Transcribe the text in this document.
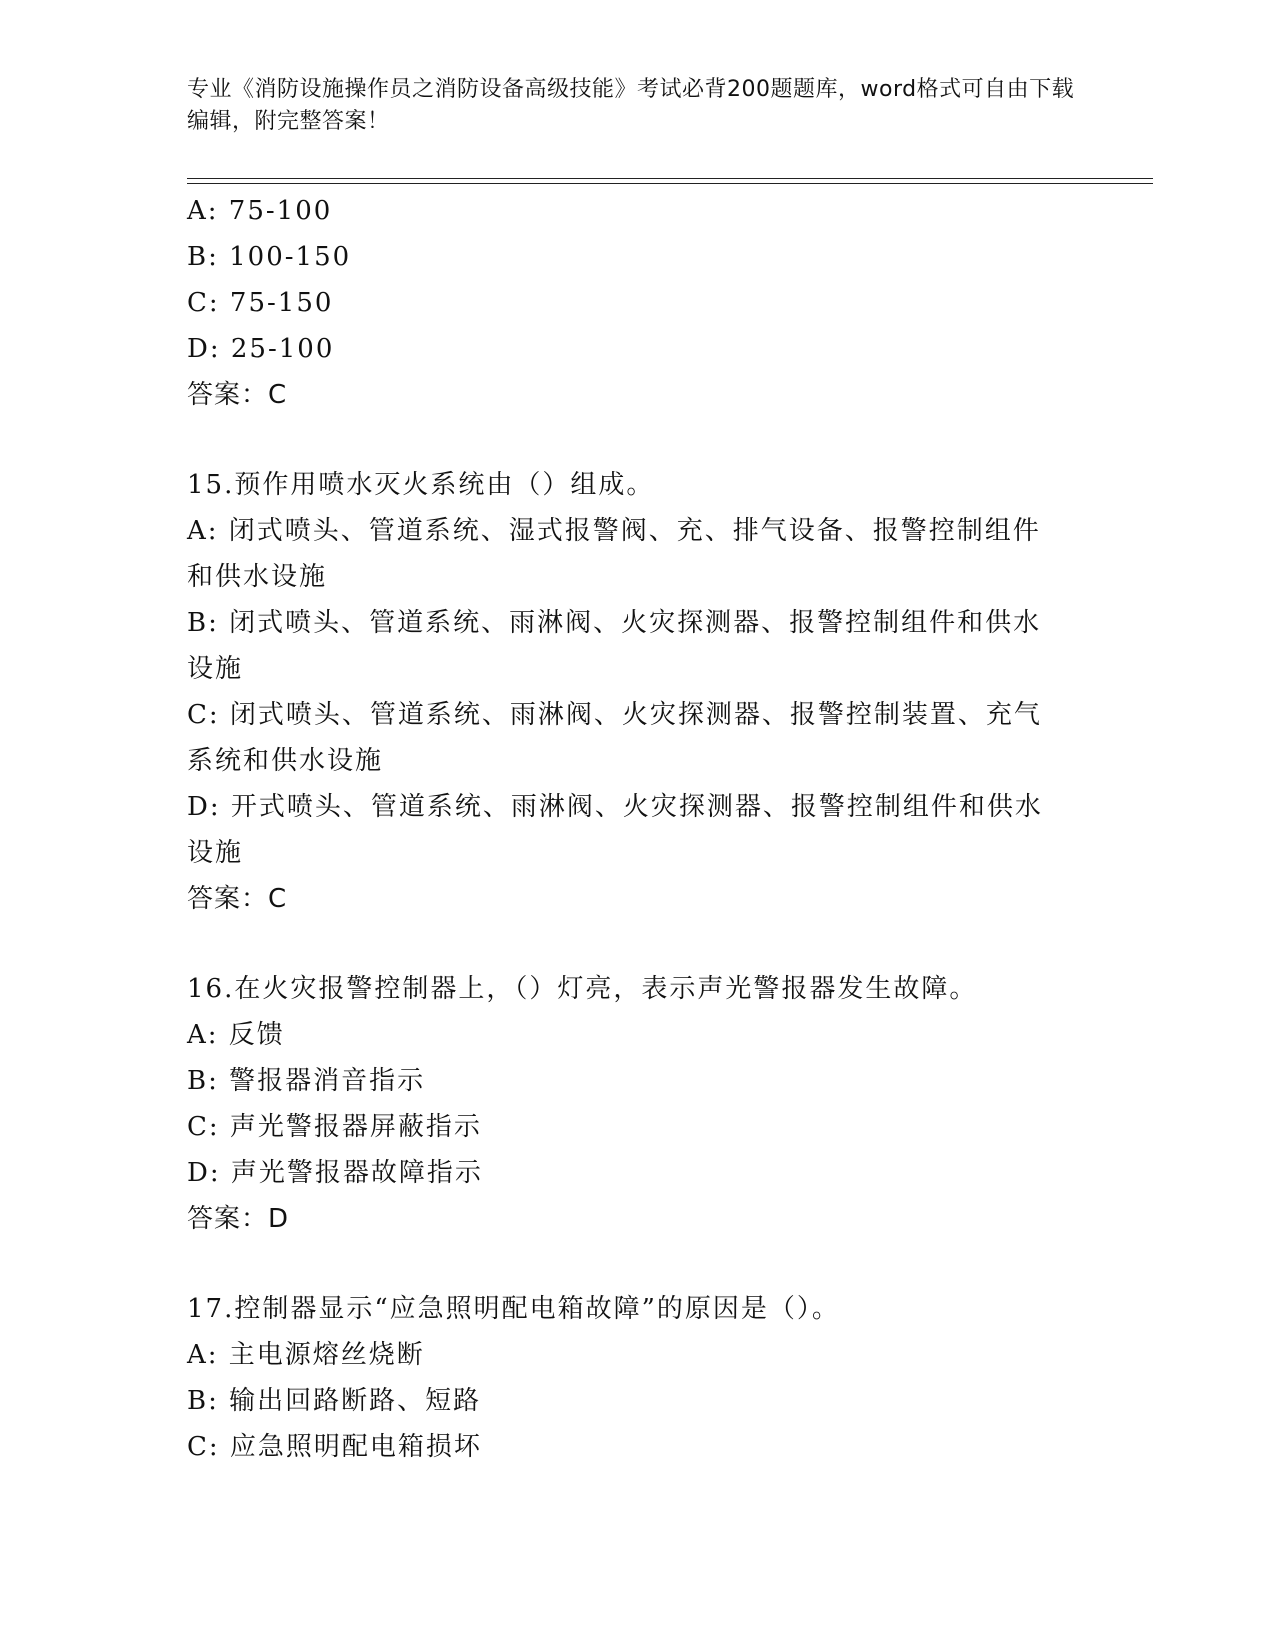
专业《消防设施操作员之消防设备高级技能》考试必背200题题库，word格式可自由下载编辑，附完整答案！
A: 75-100
B: 100-150
C: 75-150
D: 25-100
答案：C
15.预作用喷水灭火系统由（）组成。
A: 闭式喷头、管道系统、湿式报警阀、充、排气设备、报警控制组件和供水设施
B: 闭式喷头、管道系统、雨淋阀、火灾探测器、报警控制组件和供水设施
C: 闭式喷头、管道系统、雨淋阀、火灾探测器、报警控制装置、充气系统和供水设施
D: 开式喷头、管道系统、雨淋阀、火灾探测器、报警控制组件和供水设施
答案：C
16.在火灾报警控制器上，（）灯亮，表示声光警报器发生故障。
A: 反馈
B: 警报器消音指示
C: 声光警报器屏蔽指示
D: 声光警报器故障指示
答案：D
17.控制器显示“应急照明配电箱故障”的原因是（）。
A: 主电源熔丝烧断
B: 输出回路断路、短路
C: 应急照明配电箱损坏
